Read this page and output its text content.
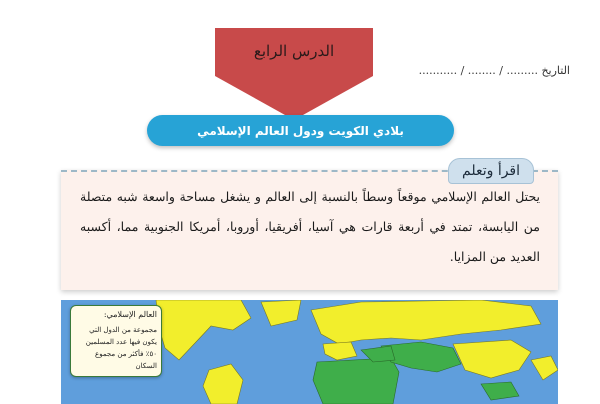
الدرس الرابع
التاريخ ......... / ........ / ...........
بلادي الكويت ودول العالم الإسلامي
اقرأ وتعلم
يحتل العالم الإسلامي موقعاً وسطاً بالنسبة إلى العالم و يشغل مساحة واسعة شبه متصلة من اليابسة، تمتد في أربعة قارات هي آسيا، أفريقيا، أوروبا، أمريكا الجنوبية مما، أكسبه العديد من المزايا.
العالم الإسلامي:
مجموعة من الدول التي يكون فيها عدد المسلمين ٥٠٪ فأكثر من مجموع السكان
